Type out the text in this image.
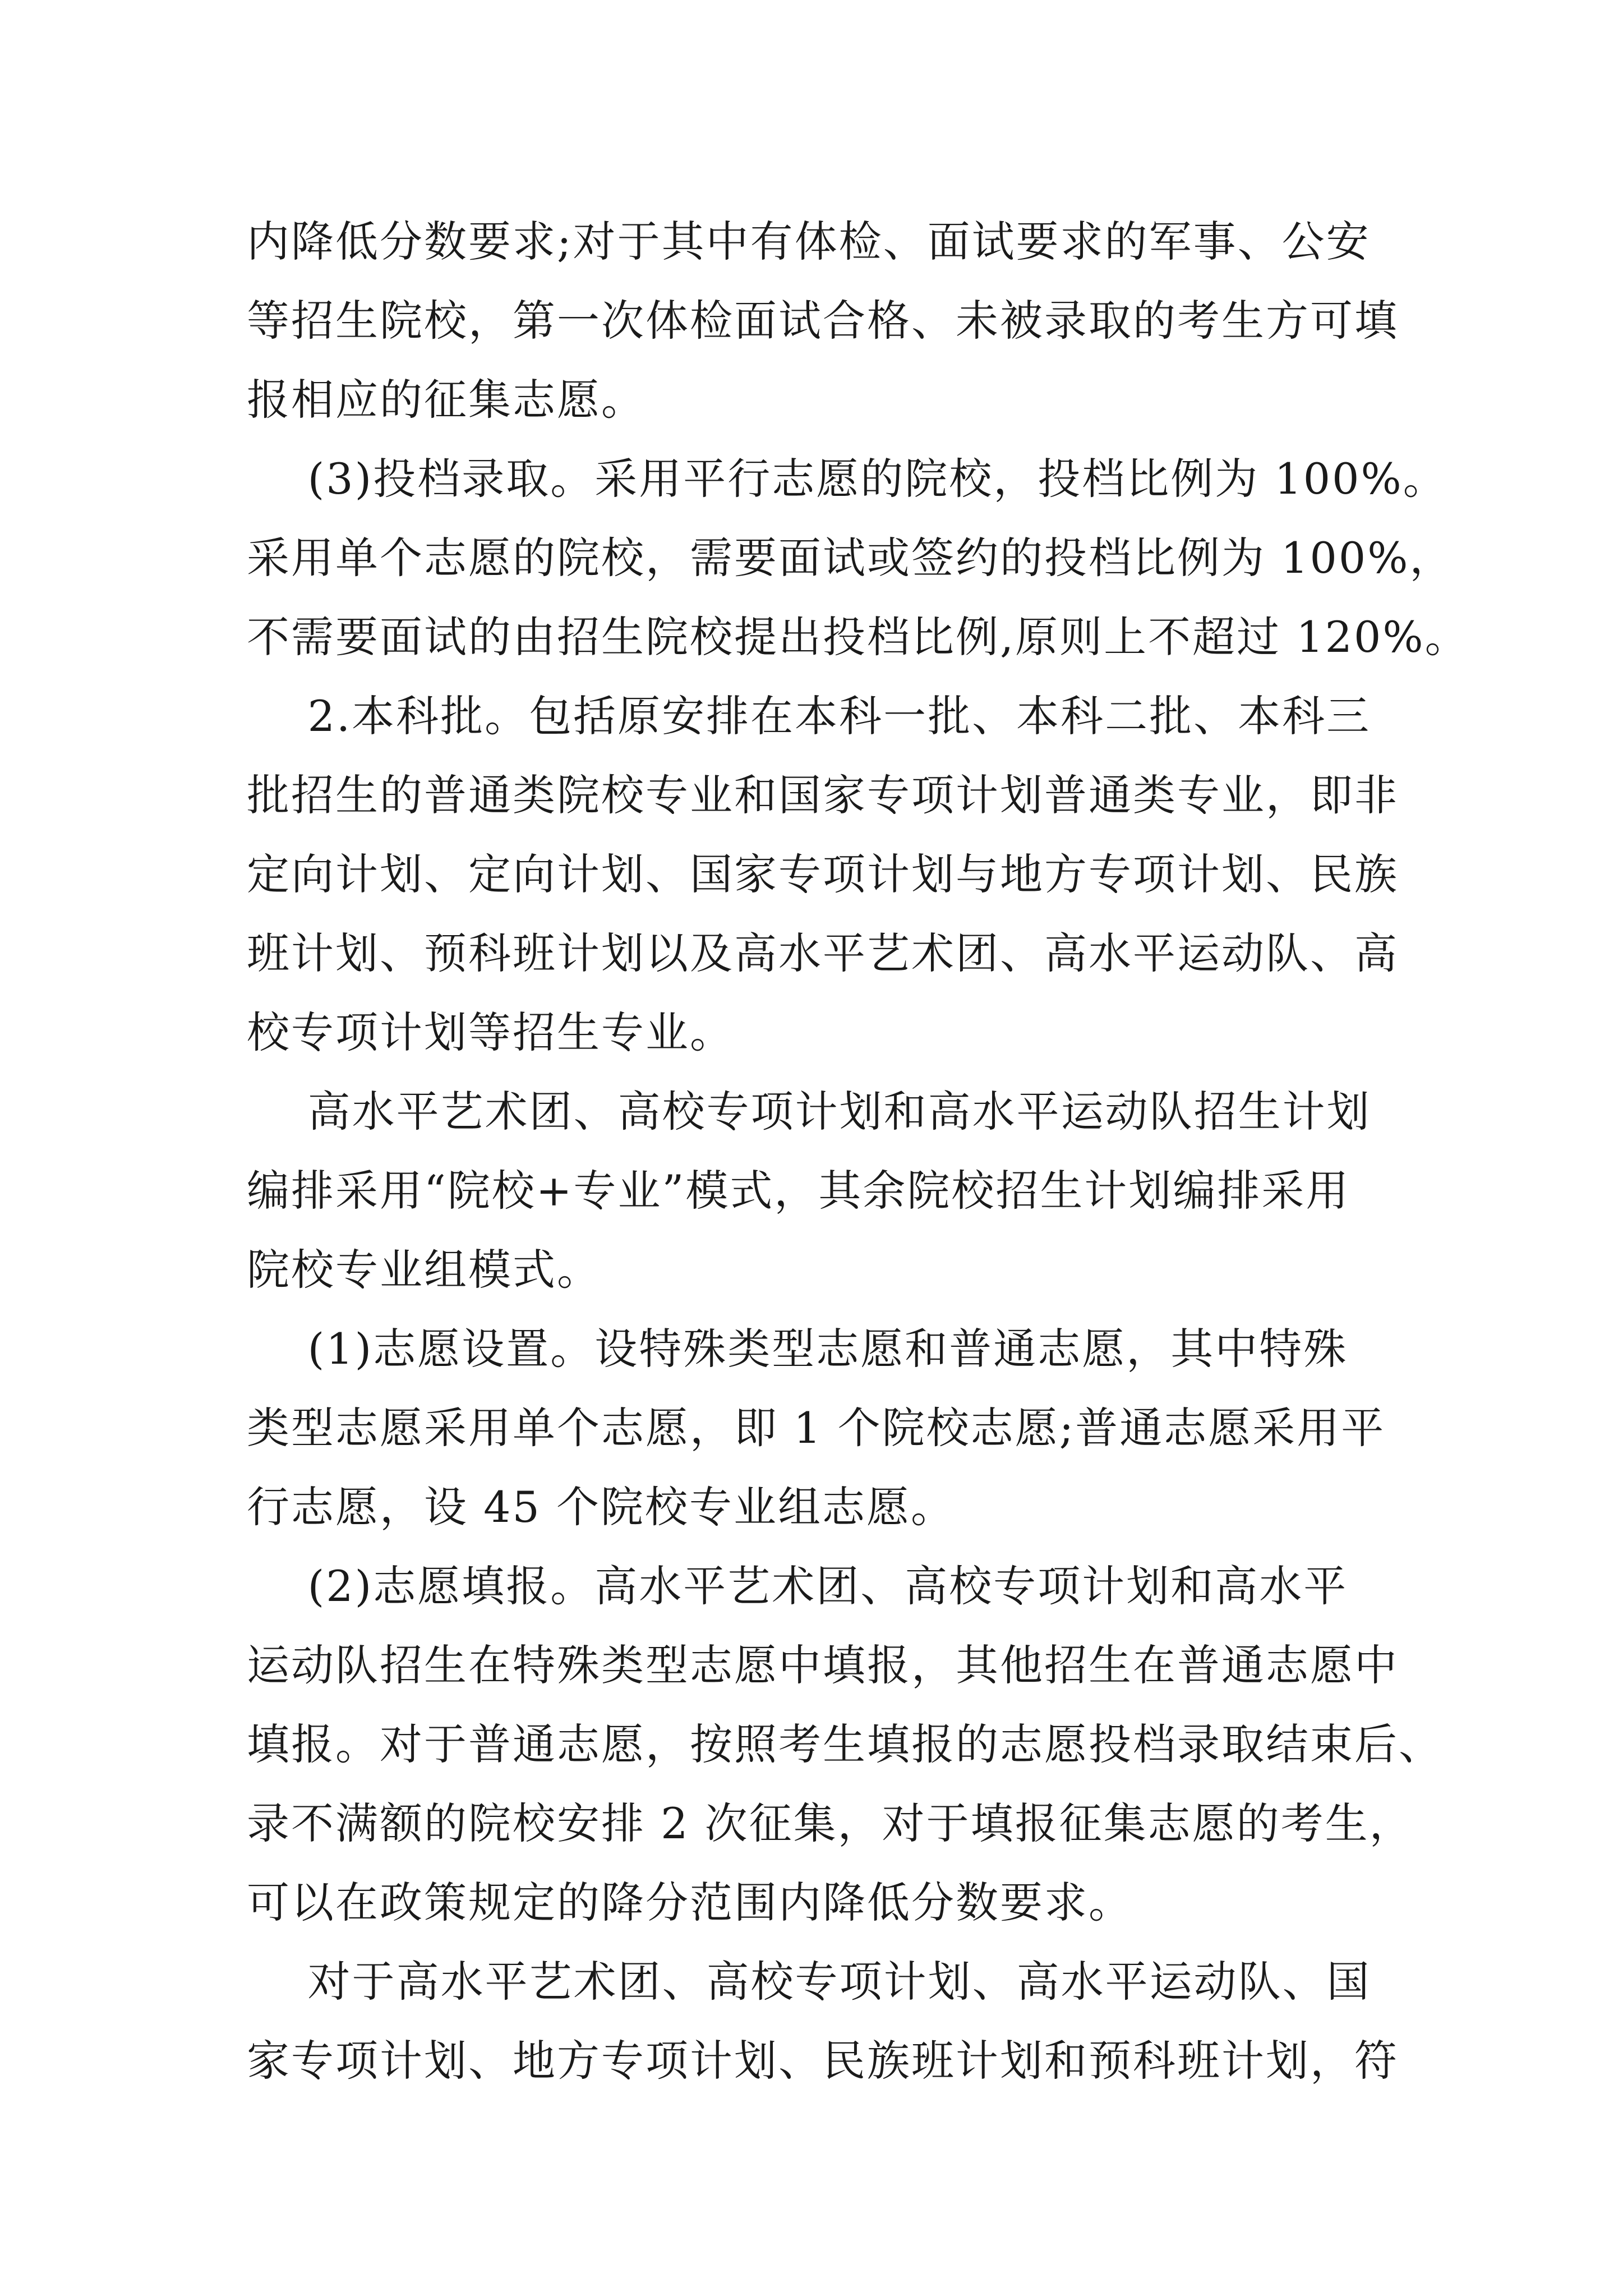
内降低分数要求;对于其中有体检、面试要求的军事、公安
等招生院校，第一次体检面试合格、未被录取的考生方可填
报相应的征集志愿。
(3)投档录取。采用平行志愿的院校，投档比例为 100%。
采用单个志愿的院校，需要面试或签约的投档比例为 100%，
不需要面试的由招生院校提出投档比例,原则上不超过 120%。
2.本科批。包括原安排在本科一批、本科二批、本科三
批招生的普通类院校专业和国家专项计划普通类专业，即非
定向计划、定向计划、国家专项计划与地方专项计划、民族
班计划、预科班计划以及高水平艺术团、高水平运动队、高
校专项计划等招生专业。
高水平艺术团、高校专项计划和高水平运动队招生计划
编排采用“院校+专业”模式，其余院校招生计划编排采用
院校专业组模式。
(1)志愿设置。设特殊类型志愿和普通志愿，其中特殊
类型志愿采用单个志愿，即 1 个院校志愿;普通志愿采用平
行志愿，设 45 个院校专业组志愿。
(2)志愿填报。高水平艺术团、高校专项计划和高水平
运动队招生在特殊类型志愿中填报，其他招生在普通志愿中
填报。对于普通志愿，按照考生填报的志愿投档录取结束后、
录不满额的院校安排 2 次征集，对于填报征集志愿的考生，
可以在政策规定的降分范围内降低分数要求。
对于高水平艺术团、高校专项计划、高水平运动队、国
家专项计划、地方专项计划、民族班计划和预科班计划，符
